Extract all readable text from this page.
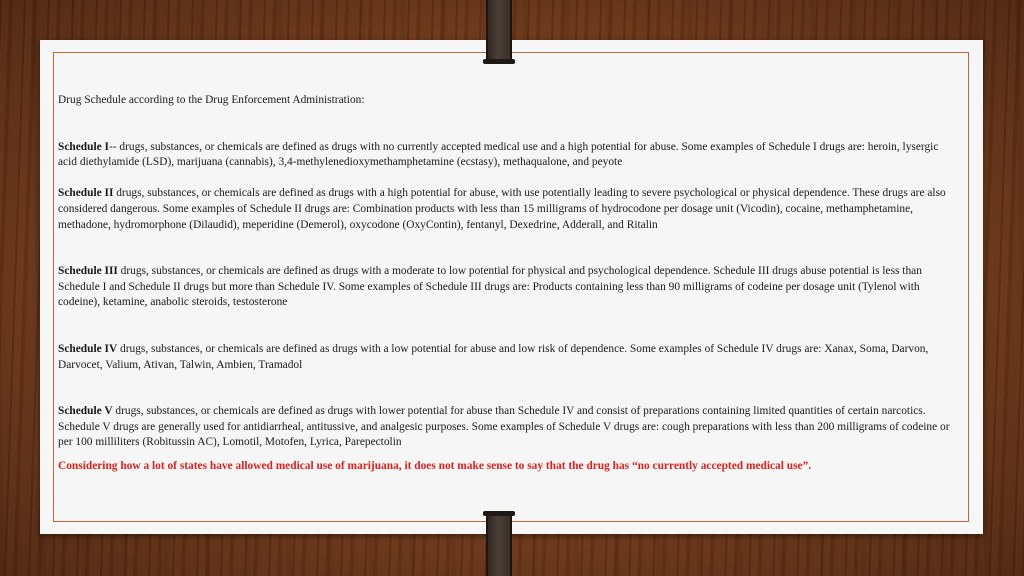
Drug Schedule according to the Drug Enforcement Administration:

Schedule I-- drugs, substances, or chemicals are defined as drugs with no currently accepted medical use and a high potential for abuse. Some examples of Schedule I drugs are: heroin, lysergic acid diethylamide (LSD), marijuana (cannabis), 3,4-methylenedioxymethamphetamine (ecstasy), methaqualone, and peyote

Schedule II drugs, substances, or chemicals are defined as drugs with a high potential for abuse, with use potentially leading to severe psychological or physical dependence. These drugs are also considered dangerous. Some examples of Schedule II drugs are: Combination products with less than 15 milligrams of hydrocodone per dosage unit (Vicodin), cocaine, methamphetamine, methadone, hydromorphone (Dilaudid), meperidine (Demerol), oxycodone (OxyContin), fentanyl, Dexedrine, Adderall, and Ritalin

Schedule III drugs, substances, or chemicals are defined as drugs with a moderate to low potential for physical and psychological dependence. Schedule III drugs abuse potential is less than Schedule I and Schedule II drugs but more than Schedule IV. Some examples of Schedule III drugs are: Products containing less than 90 milligrams of codeine per dosage unit (Tylenol with codeine), ketamine, anabolic steroids, testosterone

Schedule IV drugs, substances, or chemicals are defined as drugs with a low potential for abuse and low risk of dependence. Some examples of Schedule IV drugs are: Xanax, Soma, Darvon, Darvocet, Valium, Ativan, Talwin, Ambien, Tramadol

Schedule V drugs, substances, or chemicals are defined as drugs with lower potential for abuse than Schedule IV and consist of preparations containing limited quantities of certain narcotics. Schedule V drugs are generally used for antidiarrheal, antitussive, and analgesic purposes. Some examples of Schedule V drugs are: cough preparations with less than 200 milligrams of codeine or per 100 milliliters (Robitussin AC), Lomotil, Motofen, Lyrica, Parepectolin

Considering how a lot of states have allowed medical use of marijuana, it does not make sense to say that the drug has “no currently accepted medical use”.
